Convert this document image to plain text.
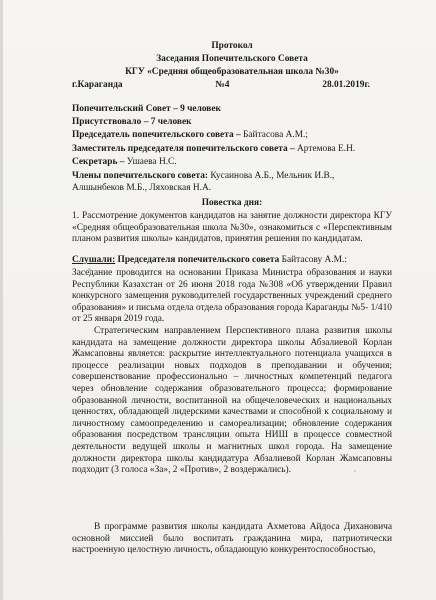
Протокол
Заседания Попечительского Совета
КГУ «Средняя общеобразовательная школа №30»
г.Караганда	№4	28.01.2019г.
Попечительский Совет – 9 человек
Присутствовало – 7 человек
Председатель попечительского совета – Байтасова А.М.;
Заместитель председателя попечительского совета – Артемова Е.Н.
Секретарь – Ушаева Н.С.
Члены попечительского совета: Кусаинова А.Б., Мельник И.В.,
Алшынбеков М.Б., Ляховская Н.А.
Повестка дня:
1. Рассмотрение документов кандидатов на занятие должности директора КГУ «Средняя общеобразовательная школа №30», ознакомиться с «Перспективным планом развития школы» кандидатов, принятия решения по кандидатам.
Слушали: Председателя попечительского совета Байтасову А.М.:
Заседание проводится на основании Приказа Министра образования и науки Республики Казахстан от 26 июня 2018 года №308 «Об утверждении Правил конкурсного замещения руководителей государственных учреждений среднего образования» и письма отдела отдела образования города Караганды №5- 1/410 от 25 января 2019 года.
Стратегическим направлением Перспективного плана развития школы кандидата на замещение должности директора школы Абзалиевой Корлан Жамсаповны является: раскрытие интеллектуального потенциала учащихся в процессе реализации новых подходов в преподавании и обучения; совершенствование профессионально – личностных компетенций педагога через обновление содержания образовательного процесса; формирование образованной личности, воспитанной на общечеловеческих и национальных ценностях, обладающей лидерскими качествами и способной к социальному и личностному самоопределению и самореализации; обновление содержания образования посредством трансляции опыта НИШ в процессе совместной деятельности ведущей школы и магнитных школ города. На замещение должности директора школы кандидатура Абзалиевой Корлан Жамсаповны подходит (3 голоса «За», 2 «Против», 2 воздержались).
В программе развития школы кандидата Ахметова Айдоса Дихановича основной миссией было воспитать гражданина мира, патриотически настроенную целостную личность, обладающую конкурентоспособностью,
